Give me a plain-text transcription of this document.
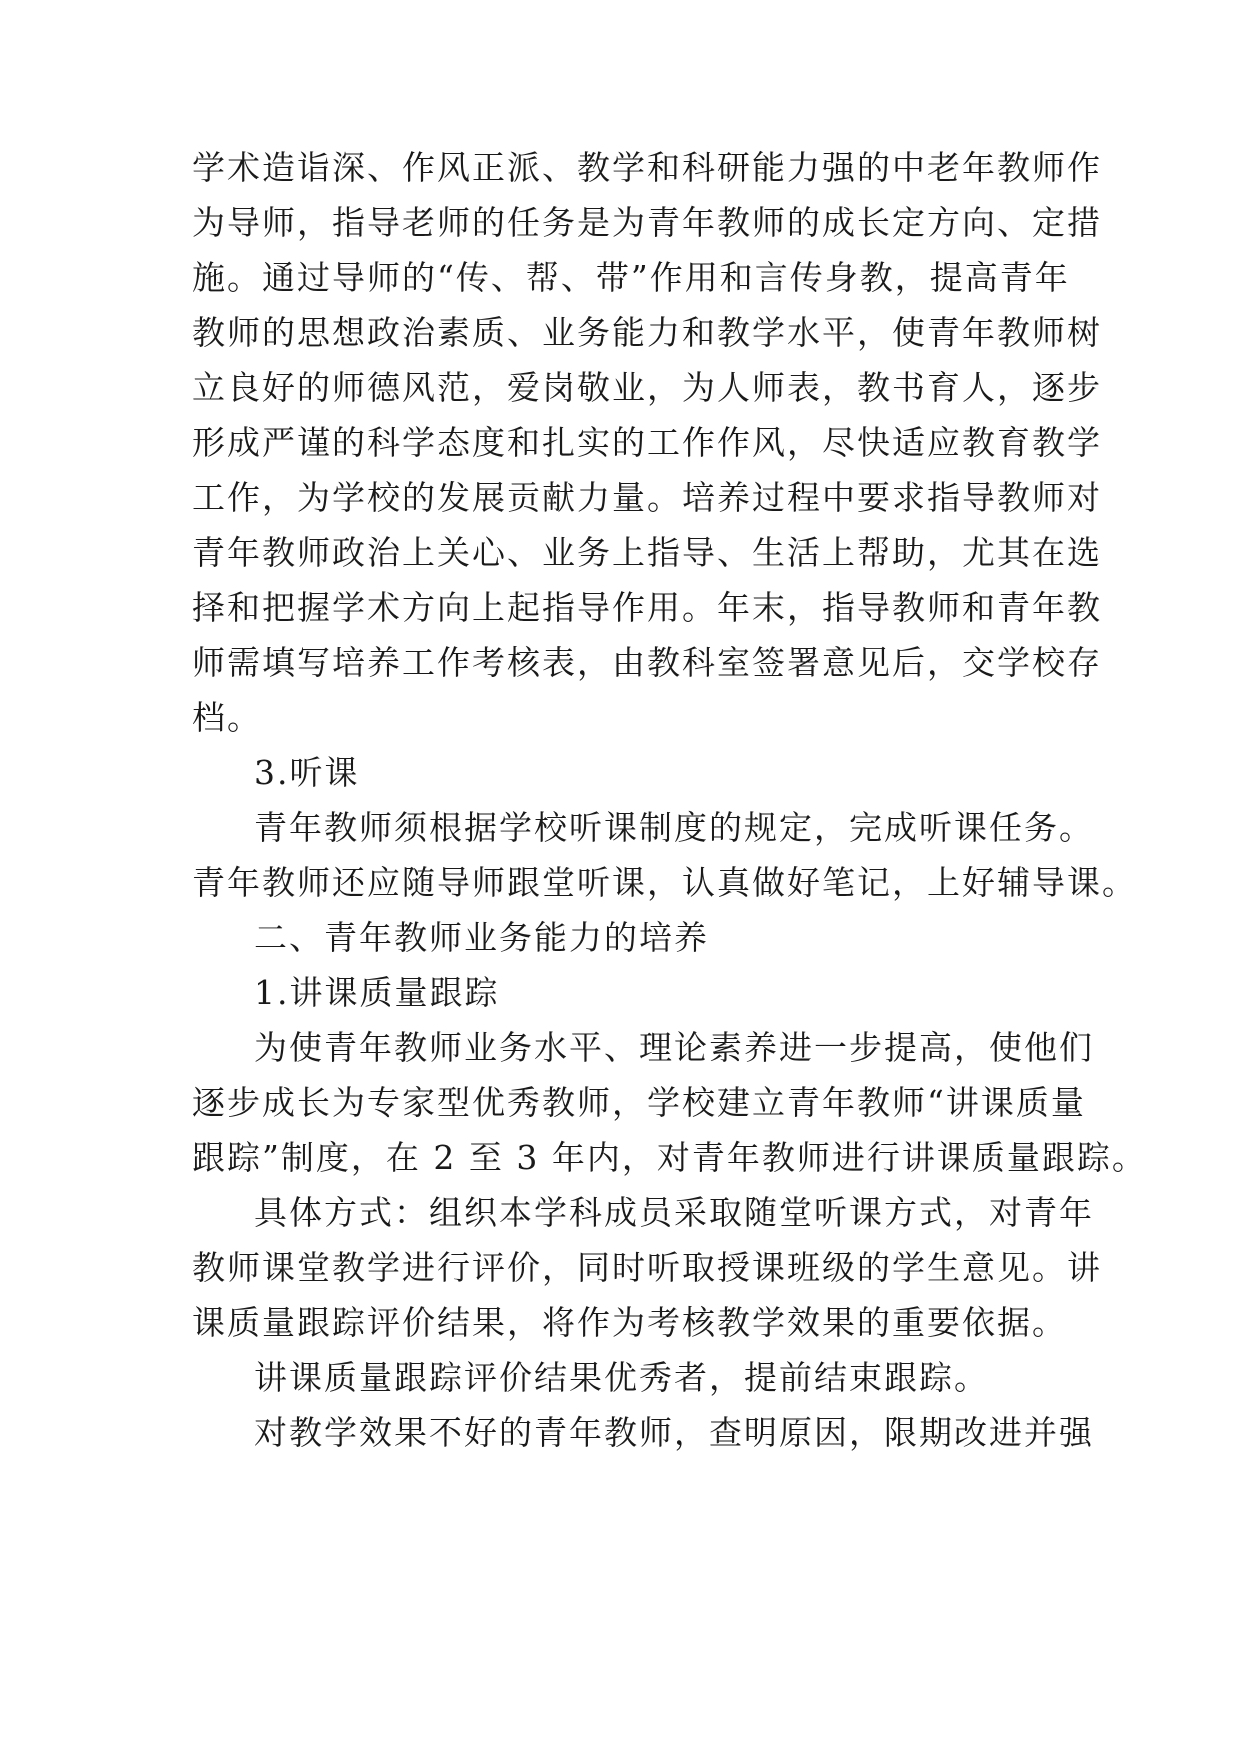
学术造诣深、作风正派、教学和科研能力强的中老年教师作
为导师，指导老师的任务是为青年教师的成长定方向、定措
施。通过导师的“传、帮、带”作用和言传身教，提高青年
教师的思想政治素质、业务能力和教学水平，使青年教师树
立良好的师德风范，爱岗敬业，为人师表，教书育人，逐步
形成严谨的科学态度和扎实的工作作风，尽快适应教育教学
工作，为学校的发展贡献力量。培养过程中要求指导教师对
青年教师政治上关心、业务上指导、生活上帮助，尤其在选
择和把握学术方向上起指导作用。年末，指导教师和青年教
师需填写培养工作考核表，由教科室签署意见后，交学校存
档。
3.听课
青年教师须根据学校听课制度的规定，完成听课任务。
青年教师还应随导师跟堂听课，认真做好笔记，上好辅导课。
二、青年教师业务能力的培养
1.讲课质量跟踪
为使青年教师业务水平、理论素养进一步提高，使他们
逐步成长为专家型优秀教师，学校建立青年教师“讲课质量
跟踪”制度，在 2 至 3 年内，对青年教师进行讲课质量跟踪。
具体方式：组织本学科成员采取随堂听课方式，对青年
教师课堂教学进行评价，同时听取授课班级的学生意见。讲
课质量跟踪评价结果，将作为考核教学效果的重要依据。
讲课质量跟踪评价结果优秀者，提前结束跟踪。
对教学效果不好的青年教师，查明原因，限期改进并强
